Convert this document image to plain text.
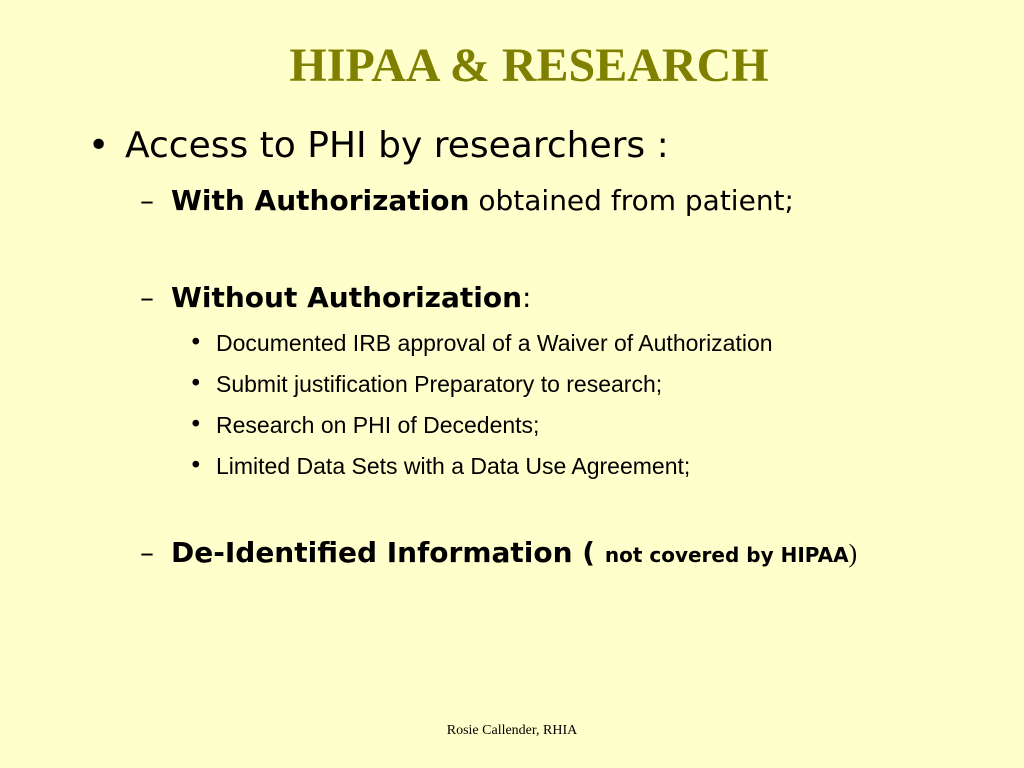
HIPAA & RESEARCH
• Access to PHI by researchers :
– With Authorization obtained from patient;
– Without Authorization:
• Documented IRB approval of a Waiver of Authorization
• Submit justification Preparatory to research;
• Research on PHI of Decedents;
• Limited Data Sets with a Data Use Agreement;
– De-Identified Information ( not covered by HIPAA)
Rosie Callender, RHIA
